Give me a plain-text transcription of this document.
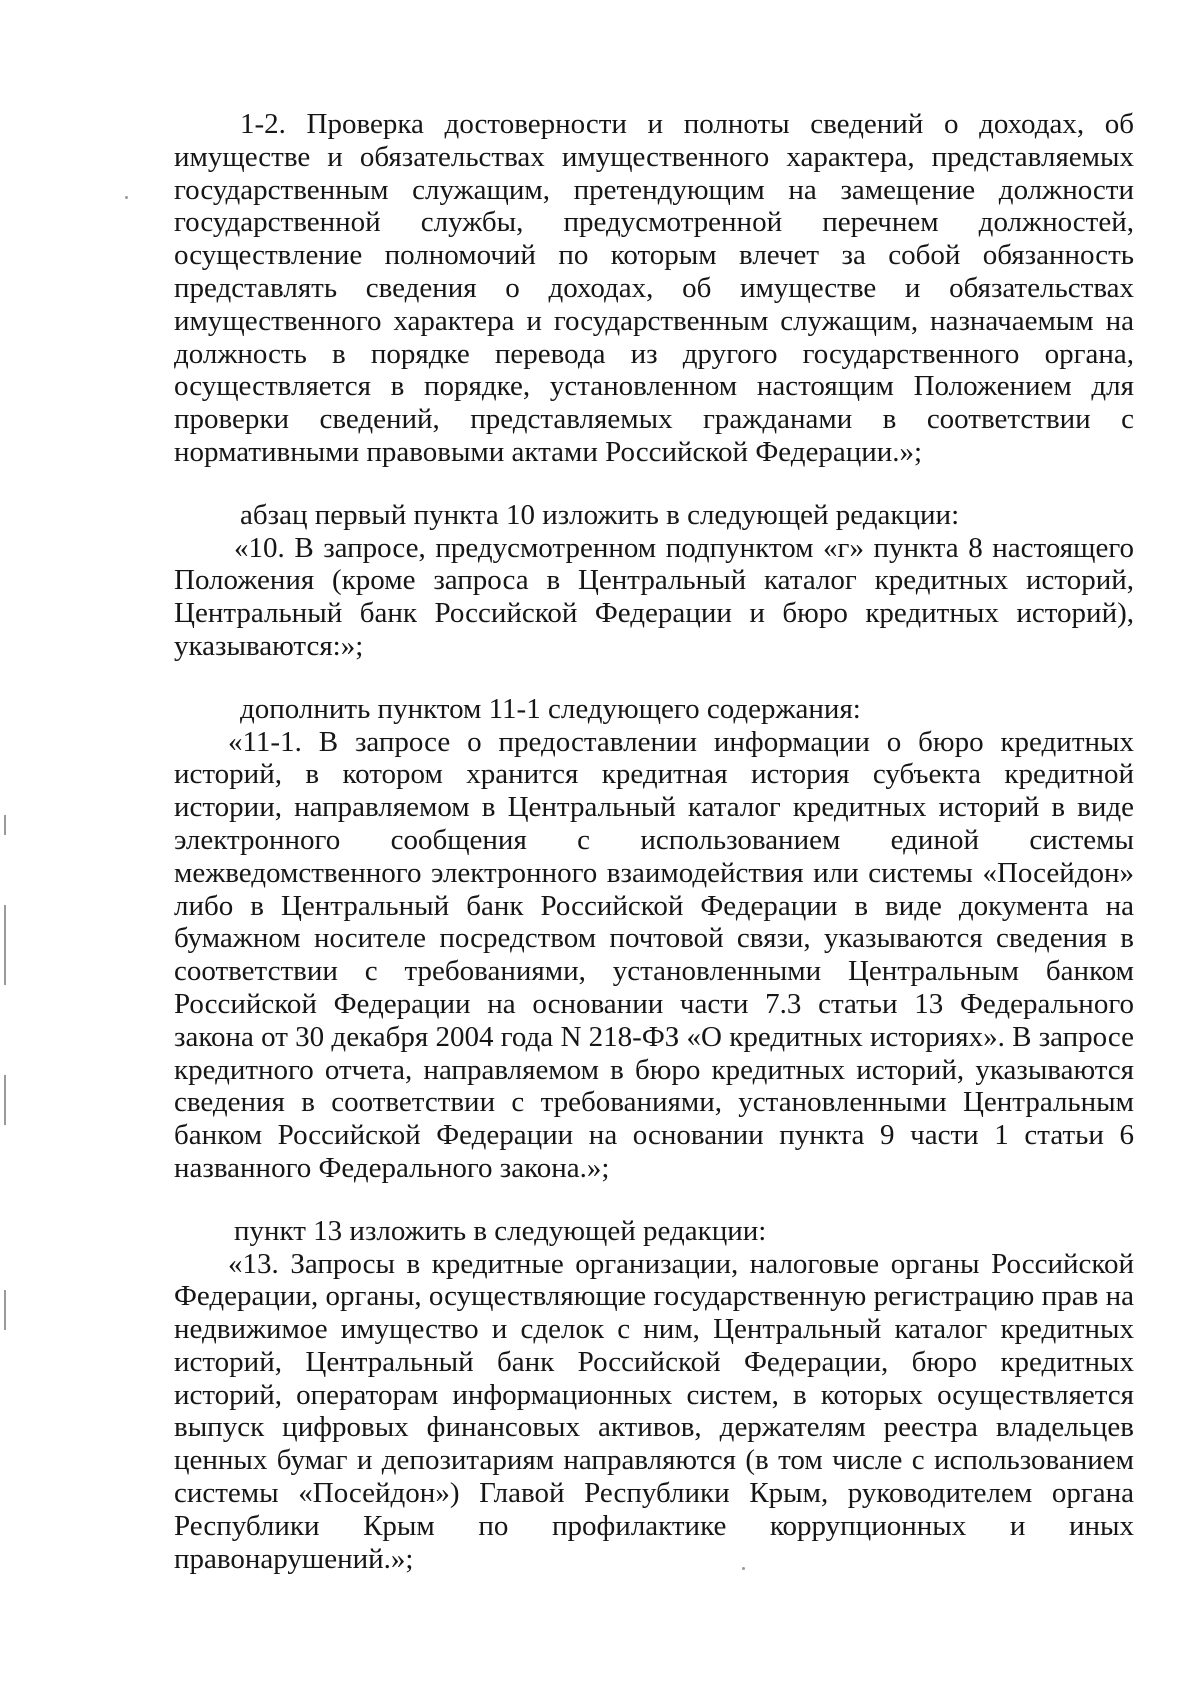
1-2. Проверка достоверности и полноты сведений о доходах, об имуществе и обязательствах имущественного характера, представляемых государственным служащим, претендующим на замещение должности государственной службы, предусмотренной перечнем должностей, осуществление полномочий по которым влечет за собой обязанность представлять сведения о доходах, об имуществе и обязательствах имущественного характера и государственным служащим, назначаемым на должность в порядке перевода из другого государственного органа, осуществляется в порядке, установленном настоящим Положением для проверки сведений, представляемых гражданами в соответствии с нормативными правовыми актами Российской Федерации.»;

абзац первый пункта 10 изложить в следующей редакции:

«10. В запросе, предусмотренном подпунктом «г» пункта 8 настоящего Положения (кроме запроса в Центральный каталог кредитных историй, Центральный банк Российской Федерации и бюро кредитных историй), указываются:»;

дополнить пунктом 11-1 следующего содержания:

«11-1. В запросе о предоставлении информации о бюро кредитных историй, в котором хранится кредитная история субъекта кредитной истории, направляемом в Центральный каталог кредитных историй в виде электронного сообщения с использованием единой системы межведомственного электронного взаимодействия или системы «Посейдон» либо в Центральный банк Российской Федерации в виде документа на бумажном носителе посредством почтовой связи, указываются сведения в соответствии с требованиями, установленными Центральным банком Российской Федерации на основании части 7.3 статьи 13 Федерального закона от 30 декабря 2004 года N 218-ФЗ «О кредитных историях». В запросе кредитного отчета, направляемом в бюро кредитных историй, указываются сведения в соответствии с требованиями, установленными Центральным банком Российской Федерации на основании пункта 9 части 1 статьи 6 названного Федерального закона.»;

пункт 13 изложить в следующей редакции:

«13. Запросы в кредитные организации, налоговые органы Российской Федерации, органы, осуществляющие государственную регистрацию прав на недвижимое имущество и сделок с ним, Центральный каталог кредитных историй, Центральный банк Российской Федерации, бюро кредитных историй, операторам информационных систем, в которых осуществляется выпуск цифровых финансовых активов, держателям реестра владельцев ценных бумаг и депозитариям направляются (в том числе с использованием системы «Посейдон») Главой Республики Крым, руководителем органа Республики Крым по профилактике коррупционных и иных правонарушений.»;
